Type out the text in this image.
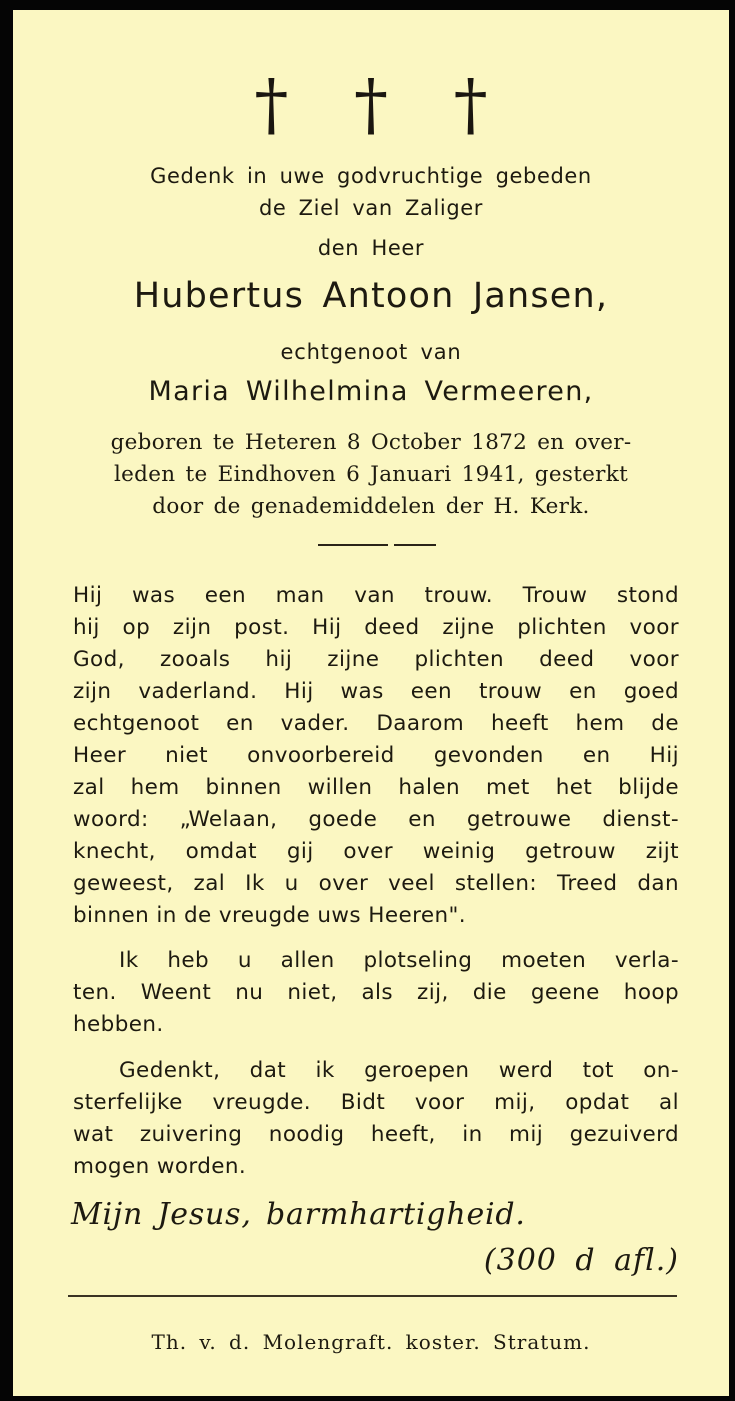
† † †
Gedenk in uwe godvruchtige gebeden
de Ziel van Zaliger
den Heer
Hubertus Antoon Jansen,
echtgenoot van
Maria Wilhelmina Vermeeren,
geboren te Heteren 8 October 1872 en over-
leden te Eindhoven 6 Januari 1941, gesterkt
door de genademiddelen der H. Kerk.
Hij was een man van trouw. Trouw stond
hij op zijn post. Hij deed zijne plichten voor
God, zooals hij zijne plichten deed voor
zijn vaderland. Hij was een trouw en goed
echtgenoot en vader. Daarom heeft hem de
Heer niet onvoorbereid gevonden en Hij
zal hem binnen willen halen met het blijde
woord: „Welaan, goede en getrouwe dienst-
knecht, omdat gij over weinig getrouw zijt
geweest, zal Ik u over veel stellen: Treed dan
binnen in de vreugde uws Heeren".
Ik heb u allen plotseling moeten verla-
ten. Weent nu niet, als zij, die geene hoop
hebben.
Gedenkt, dat ik geroepen werd tot on-
sterfelijke vreugde. Bidt voor mij, opdat al
wat zuivering noodig heeft, in mij gezuiverd
mogen worden.
Mijn Jesus, barmhartigheid.
(300 d afl.)
Th. v. d. Molengraft. koster. Stratum.
